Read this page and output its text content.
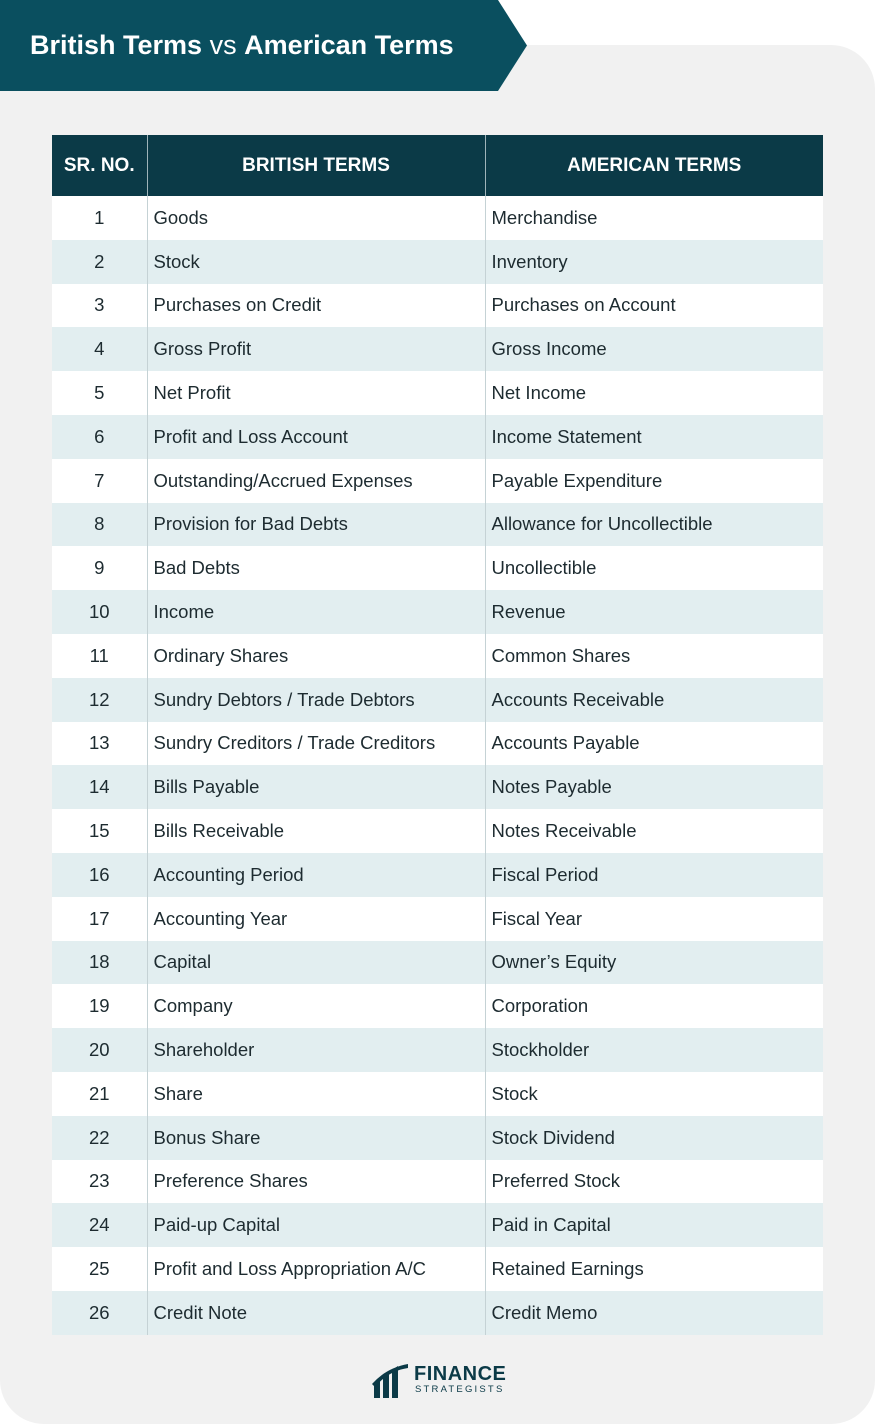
British Terms vs American Terms
SR. NO.	BRITISH TERMS	AMERICAN TERMS
1	Goods	Merchandise
2	Stock	Inventory
3	Purchases on Credit	Purchases on Account
4	Gross Profit	Gross Income
5	Net Profit	Net Income
6	Profit and Loss Account	Income Statement
7	Outstanding/Accrued Expenses	Payable Expenditure
8	Provision for Bad Debts	Allowance for Uncollectible
9	Bad Debts	Uncollectible
10	Income	Revenue
11	Ordinary Shares	Common Shares
12	Sundry Debtors / Trade Debtors	Accounts Receivable
13	Sundry Creditors / Trade Creditors	Accounts Payable
14	Bills Payable	Notes Payable
15	Bills Receivable	Notes Receivable
16	Accounting Period	Fiscal Period
17	Accounting Year	Fiscal Year
18	Capital	Owner’s Equity
19	Company	Corporation
20	Shareholder	Stockholder
21	Share	Stock
22	Bonus Share	Stock Dividend
23	Preference Shares	Preferred Stock
24	Paid-up Capital	Paid in Capital
25	Profit and Loss Appropriation A/C	Retained Earnings
26	Credit Note	Credit Memo
FINANCE
STRATEGISTS
